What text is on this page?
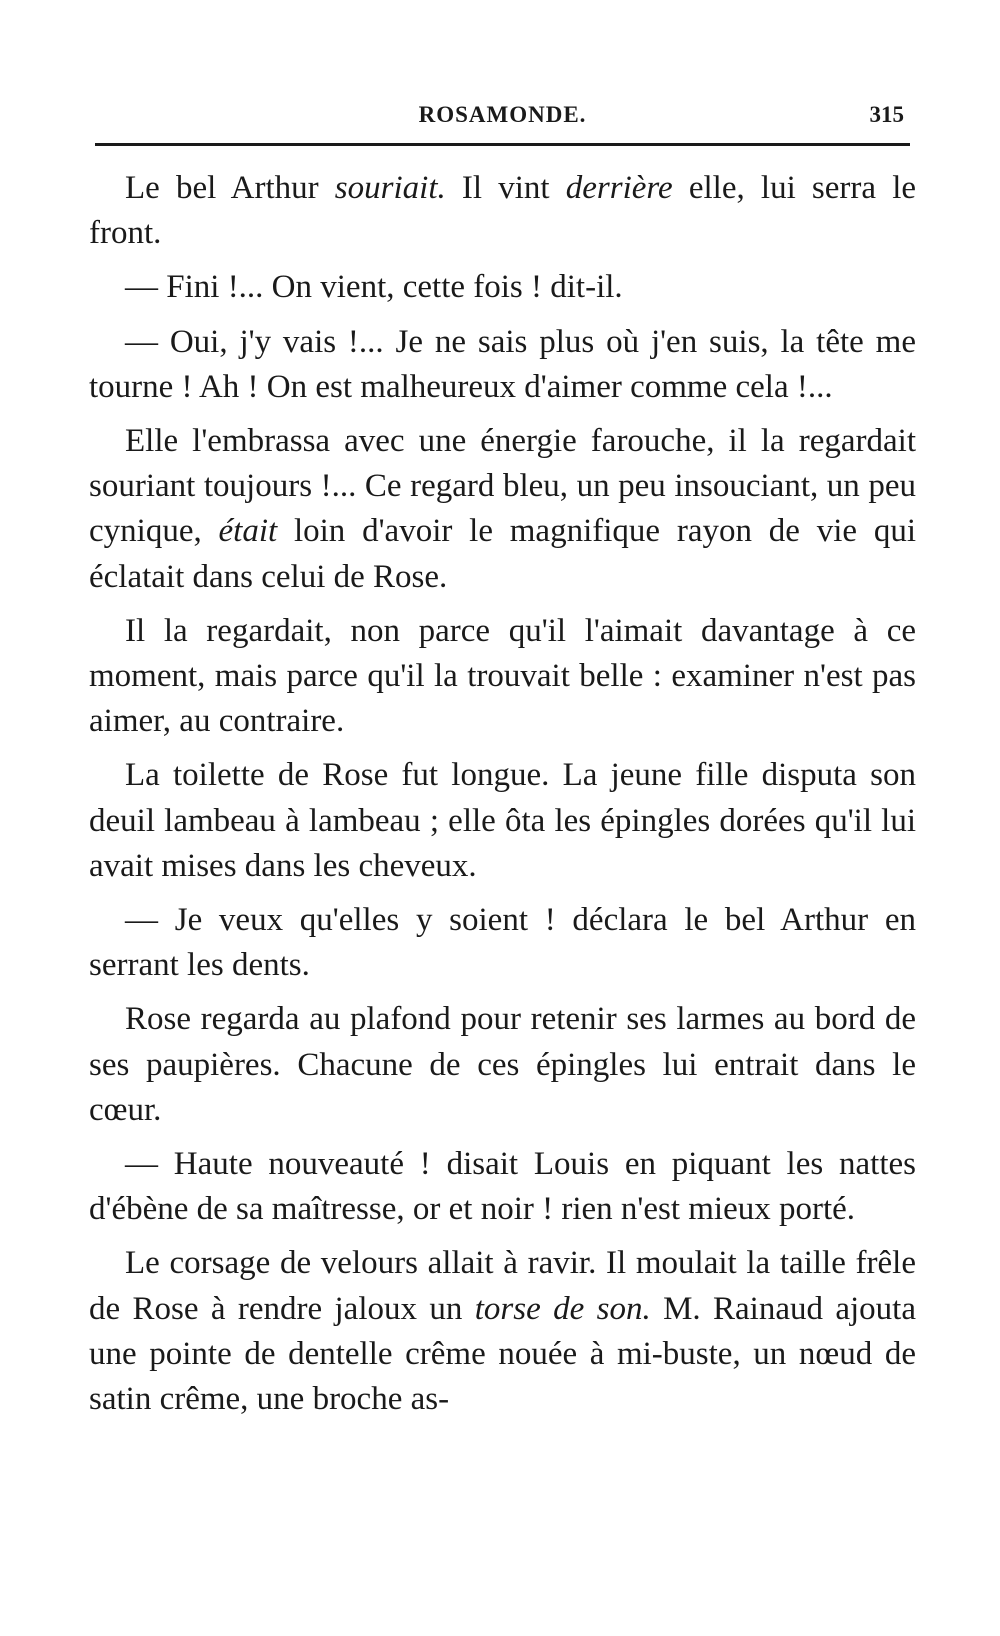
ROSAMONDE.	315

Le bel Arthur souriait. Il vint derrière elle, lui serra le front.

— Fini !... On vient, cette fois ! dit-il.

— Oui, j'y vais !... Je ne sais plus où j'en suis, la tête me tourne ! Ah ! On est malheureux d'aimer comme cela !...

Elle l'embrassa avec une énergie farouche, il la regardait souriant toujours !... Ce regard bleu, un peu insouciant, un peu cynique, était loin d'avoir le magnifique rayon de vie qui éclatait dans celui de Rose.

Il la regardait, non parce qu'il l'aimait davantage à ce moment, mais parce qu'il la trouvait belle : examiner n'est pas aimer, au contraire.

La toilette de Rose fut longue. La jeune fille disputa son deuil lambeau à lambeau ; elle ôta les épingles dorées qu'il lui avait mises dans les cheveux.

— Je veux qu'elles y soient ! déclara le bel Arthur en serrant les dents.

Rose regarda au plafond pour retenir ses larmes au bord de ses paupières. Chacune de ces épingles lui entrait dans le cœur.

— Haute nouveauté ! disait Louis en piquant les nattes d'ébène de sa maîtresse, or et noir ! rien n'est mieux porté.

Le corsage de velours allait à ravir. Il moulait la taille frêle de Rose à rendre jaloux un torse de son. M. Rainaud ajouta une pointe de dentelle crême nouée à mi-buste, un nœud de satin crême, une broche as-
